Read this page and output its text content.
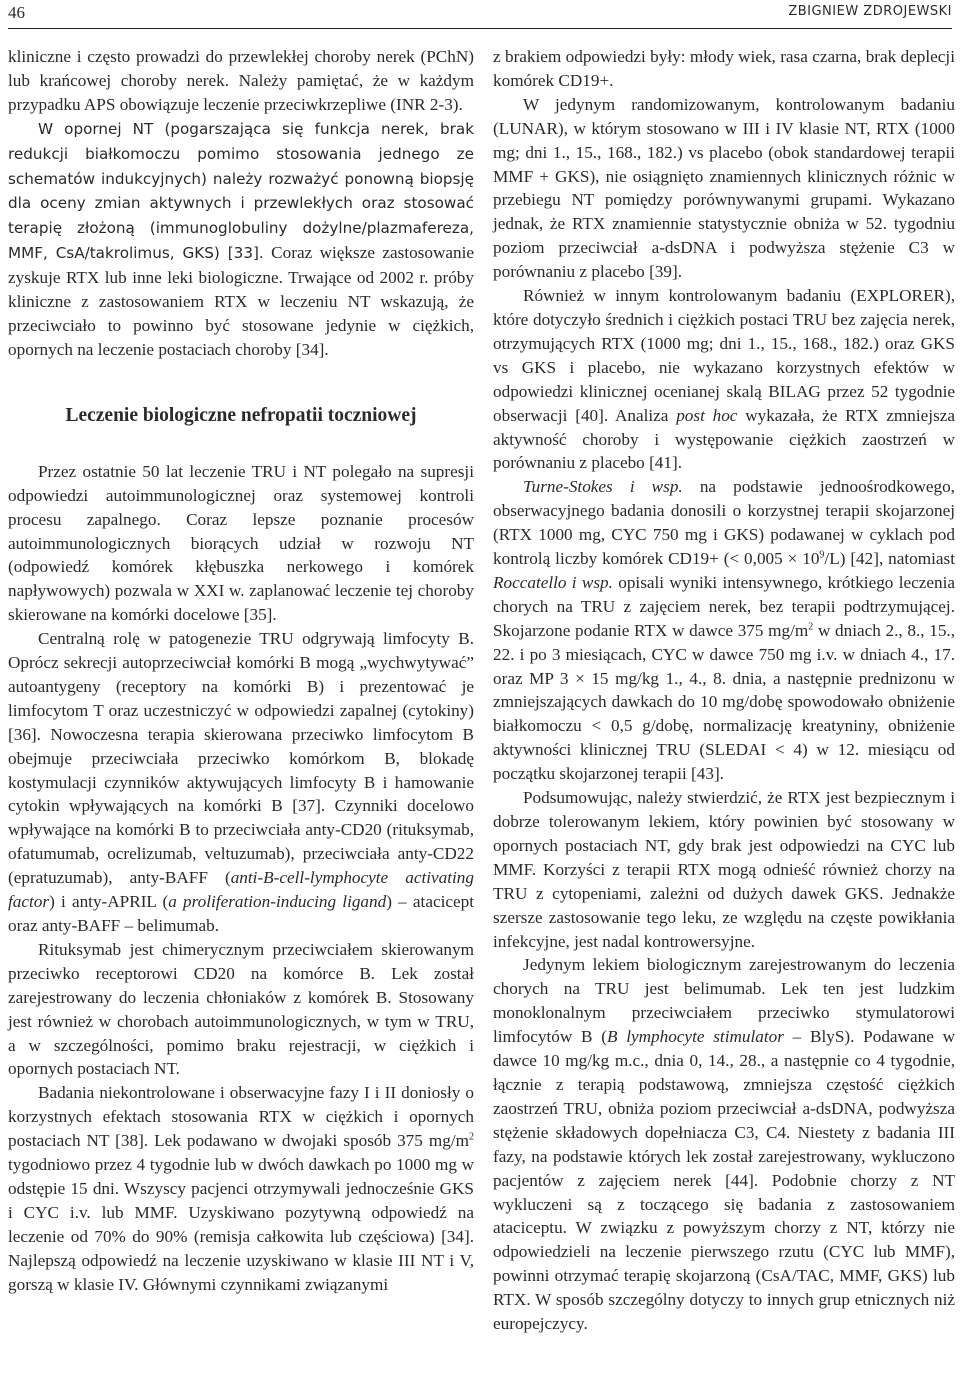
46	ZBIGNIEW ZDROJEWSKI

kliniczne i często prowadzi do przewlekłej choroby nerek (PChN) lub krańcowej choroby nerek. Należy pamiętać, że w każdym przypadku APS obowiązuje leczenie przeciwkrzepliwe (INR 2-3).

W opornej NT (pogarszająca się funkcja nerek, brak redukcji białkomoczu pomimo stosowania jednego ze schematów indukcyjnych) należy rozważyć ponowną biopsję dla oceny zmian aktywnych i przewlekłych oraz stosować terapię złożoną (immunoglobuliny dożylne/plazmafereza, MMF, CsA/takrolimus, GKS) [33]. Coraz większe zastosowanie zyskuje RTX lub inne leki biologiczne. Trwające od 2002 r. próby kliniczne z zastosowaniem RTX w leczeniu NT wskazują, że przeciwciało to powinno być stosowane jedynie w ciężkich, opornych na leczenie postaciach choroby [34].

Leczenie biologiczne nefropatii toczniowej

Przez ostatnie 50 lat leczenie TRU i NT polegało na supresji odpowiedzi autoimmunologicznej oraz systemowej kontroli procesu zapalnego. Coraz lepsze poznanie procesów autoimmunologicznych biorących udział w rozwoju NT (odpowiedź komórek kłębuszka nerkowego i komórek napływowych) pozwala w XXI w. zaplanować leczenie tej choroby skierowane na komórki docelowe [35].

Centralną rolę w patogenezie TRU odgrywają limfocyty B. Oprócz sekrecji autoprzeciwciał komórki B mogą „wychwytywać” autoantygeny (receptory na komórki B) i prezentować je limfocytom T oraz uczestniczyć w odpowiedzi zapalnej (cytokiny) [36]. Nowoczesna terapia skierowana przeciwko limfocytom B obejmuje przeciwciała przeciwko komórkom B, blokadę kostymulacji czynników aktywujących limfocyty B i hamowanie cytokin wpływających na komórki B [37]. Czynniki docelowo wpływające na komórki B to przeciwciała anty-CD20 (rituksymab, ofatumumab, ocrelizumab, veltuzumab), przeciwciała anty-CD22 (epratuzumab), anty-BAFF (anti-B-cell-lymphocyte activating factor) i anty-APRIL (a proliferation-inducing ligand) – atacicept oraz anty-BAFF – belimumab.

Rituksymab jest chimerycznym przeciwciałem skierowanym przeciwko receptorowi CD20 na komórce B. Lek został zarejestrowany do leczenia chłoniaków z komórek B. Stosowany jest również w chorobach autoimmunologicznych, w tym w TRU, a w szczególności, pomimo braku rejestracji, w ciężkich i opornych postaciach NT.

Badania niekontrolowane i obserwacyjne fazy I i II doniosły o korzystnych efektach stosowania RTX w ciężkich i opornych postaciach NT [38]. Lek podawano w dwojaki sposób 375 $mg/m^2$ tygodniowo przez 4 tygodnie lub w dwóch dawkach po 1000 mg w odstępie 15 dni. Wszyscy pacjenci otrzymywali jednocześnie GKS i CYC i.v. lub MMF. Uzyskiwano pozytywną odpowiedź na leczenie od 70% do 90% (remisja całkowita lub częściowa) [34]. Najlepszą odpowiedź na leczenie uzyskiwano w klasie III NT i V, gorszą w klasie IV. Głównymi czynnikami związanymi

z brakiem odpowiedzi były: młody wiek, rasa czarna, brak deplecji komórek CD19+.

W jedynym randomizowanym, kontrolowanym badaniu (LUNAR), w którym stosowano w III i IV klasie NT, RTX (1000 mg; dni 1., 15., 168., 182.) vs placebo (obok standardowej terapii MMF + GKS), nie osiągnięto znamiennych klinicznych różnic w przebiegu NT pomiędzy porównywanymi grupami. Wykazano jednak, że RTX znamiennie statystycznie obniża w 52. tygodniu poziom przeciwciał a-dsDNA i podwyższa stężenie C3 w porównaniu z placebo [39].

Również w innym kontrolowanym badaniu (EXPLORER), które dotyczyło średnich i ciężkich postaci TRU bez zajęcia nerek, otrzymujących RTX (1000 mg; dni 1., 15., 168., 182.) oraz GKS vs GKS i placebo, nie wykazano korzystnych efektów w odpowiedzi klinicznej ocenianej skalą BILAG przez 52 tygodnie obserwacji [40]. Analiza post hoc wykazała, że RTX zmniejsza aktywność choroby i występowanie ciężkich zaostrzeń w porównaniu z placebo [41].

Turne-Stokes i wsp. na podstawie jednoośrodkowego, obserwacyjnego badania donosili o korzystnej terapii skojarzonej (RTX 1000 mg, CYC 750 mg i GKS) podawanej w cyklach pod kontrolą liczby komórek CD19+ (< $0,005 \times 10^9/L$) [42], natomiast Roccatello i wsp. opisali wyniki intensywnego, krótkiego leczenia chorych na TRU z zajęciem nerek, bez terapii podtrzymującej. Skojarzone podanie RTX w dawce 375 $mg/m^2$ w dniach 2., 8., 15., 22. i po 3 miesiącach, CYC w dawce 750 mg i.v. w dniach 4., 17. oraz MP 3 × 15 mg/kg 1., 4., 8. dnia, a następnie prednizonu w zmniejszających dawkach do 10 mg/dobę spowodowało obniżenie białkomoczu < 0,5 g/dobę, normalizację kreatyniny, obniżenie aktywności klinicznej TRU (SLEDAI < 4) w 12. miesiącu od początku skojarzonej terapii [43].

Podsumowując, należy stwierdzić, że RTX jest bezpiecznym i dobrze tolerowanym lekiem, który powinien być stosowany w opornych postaciach NT, gdy brak jest odpowiedzi na CYC lub MMF. Korzyści z terapii RTX mogą odnieść również chorzy na TRU z cytopeniami, zależni od dużych dawek GKS. Jednakże szersze zastosowanie tego leku, ze względu na częste powikłania infekcyjne, jest nadal kontrowersyjne.

Jedynym lekiem biologicznym zarejestrowanym do leczenia chorych na TRU jest belimumab. Lek ten jest ludzkim monoklonalnym przeciwciałem przeciwko stymulatorowi limfocytów B (B lymphocyte stimulator – BlyS). Podawane w dawce 10 mg/kg m.c., dnia 0, 14., 28., a następnie co 4 tygodnie, łącznie z terapią podstawową, zmniejsza częstość ciężkich zaostrzeń TRU, obniża poziom przeciwciał a-dsDNA, podwyższa stężenie składowych dopełniacza C3, C4. Niestety z badania III fazy, na podstawie których lek został zarejestrowany, wykluczono pacjentów z zajęciem nerek [44]. Podobnie chorzy z NT wykluczeni są z toczącego się badania z zastosowaniem ataciceptu. W związku z powyższym chorzy z NT, którzy nie odpowiedzieli na leczenie pierwszego rzutu (CYC lub MMF), powinni otrzymać terapię skojarzoną (CsA/TAC, MMF, GKS) lub RTX. W sposób szczególny dotyczy to innych grup etnicznych niż europejczycy.
